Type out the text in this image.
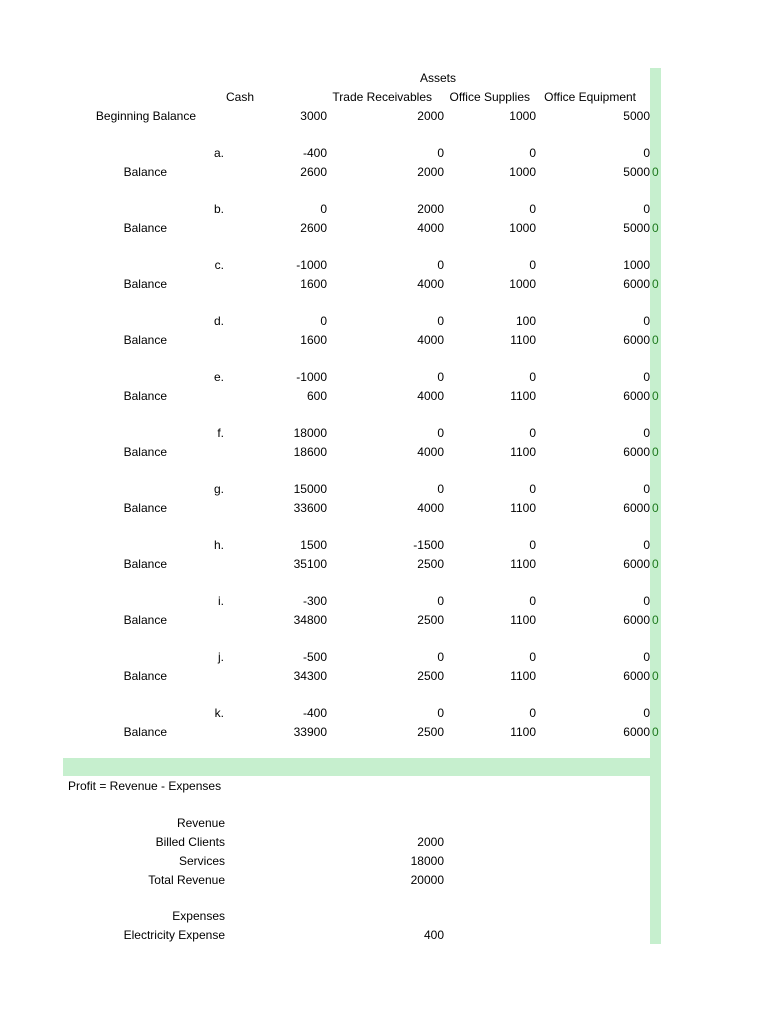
Assets
Cash	Trade Receivables	Office Supplies	Office Equipment
Beginning Balance	3000	2000	1000	5000
a.	-400	0	0	0
Balance	2600	2000	1000	5000 0
b.	0	2000	0	0
Balance	2600	4000	1000	5000 0
c.	-1000	0	0	1000
Balance	1600	4000	1000	6000 0
d.	0	0	100	0
Balance	1600	4000	1100	6000 0
e.	-1000	0	0	0
Balance	600	4000	1100	6000 0
f.	18000	0	0	0
Balance	18600	4000	1100	6000 0
g.	15000	0	0	0
Balance	33600	4000	1100	6000 0
h.	1500	-1500	0	0
Balance	35100	2500	1100	6000 0
i.	-300	0	0	0
Balance	34800	2500	1100	6000 0
j.	-500	0	0	0
Balance	34300	2500	1100	6000 0
k.	-400	0	0	0
Balance	33900	2500	1100	6000 0
Profit = Revenue - Expenses
Revenue
Billed Clients	2000
Services	18000
Total Revenue	20000
Expenses
Electricity Expense	400
